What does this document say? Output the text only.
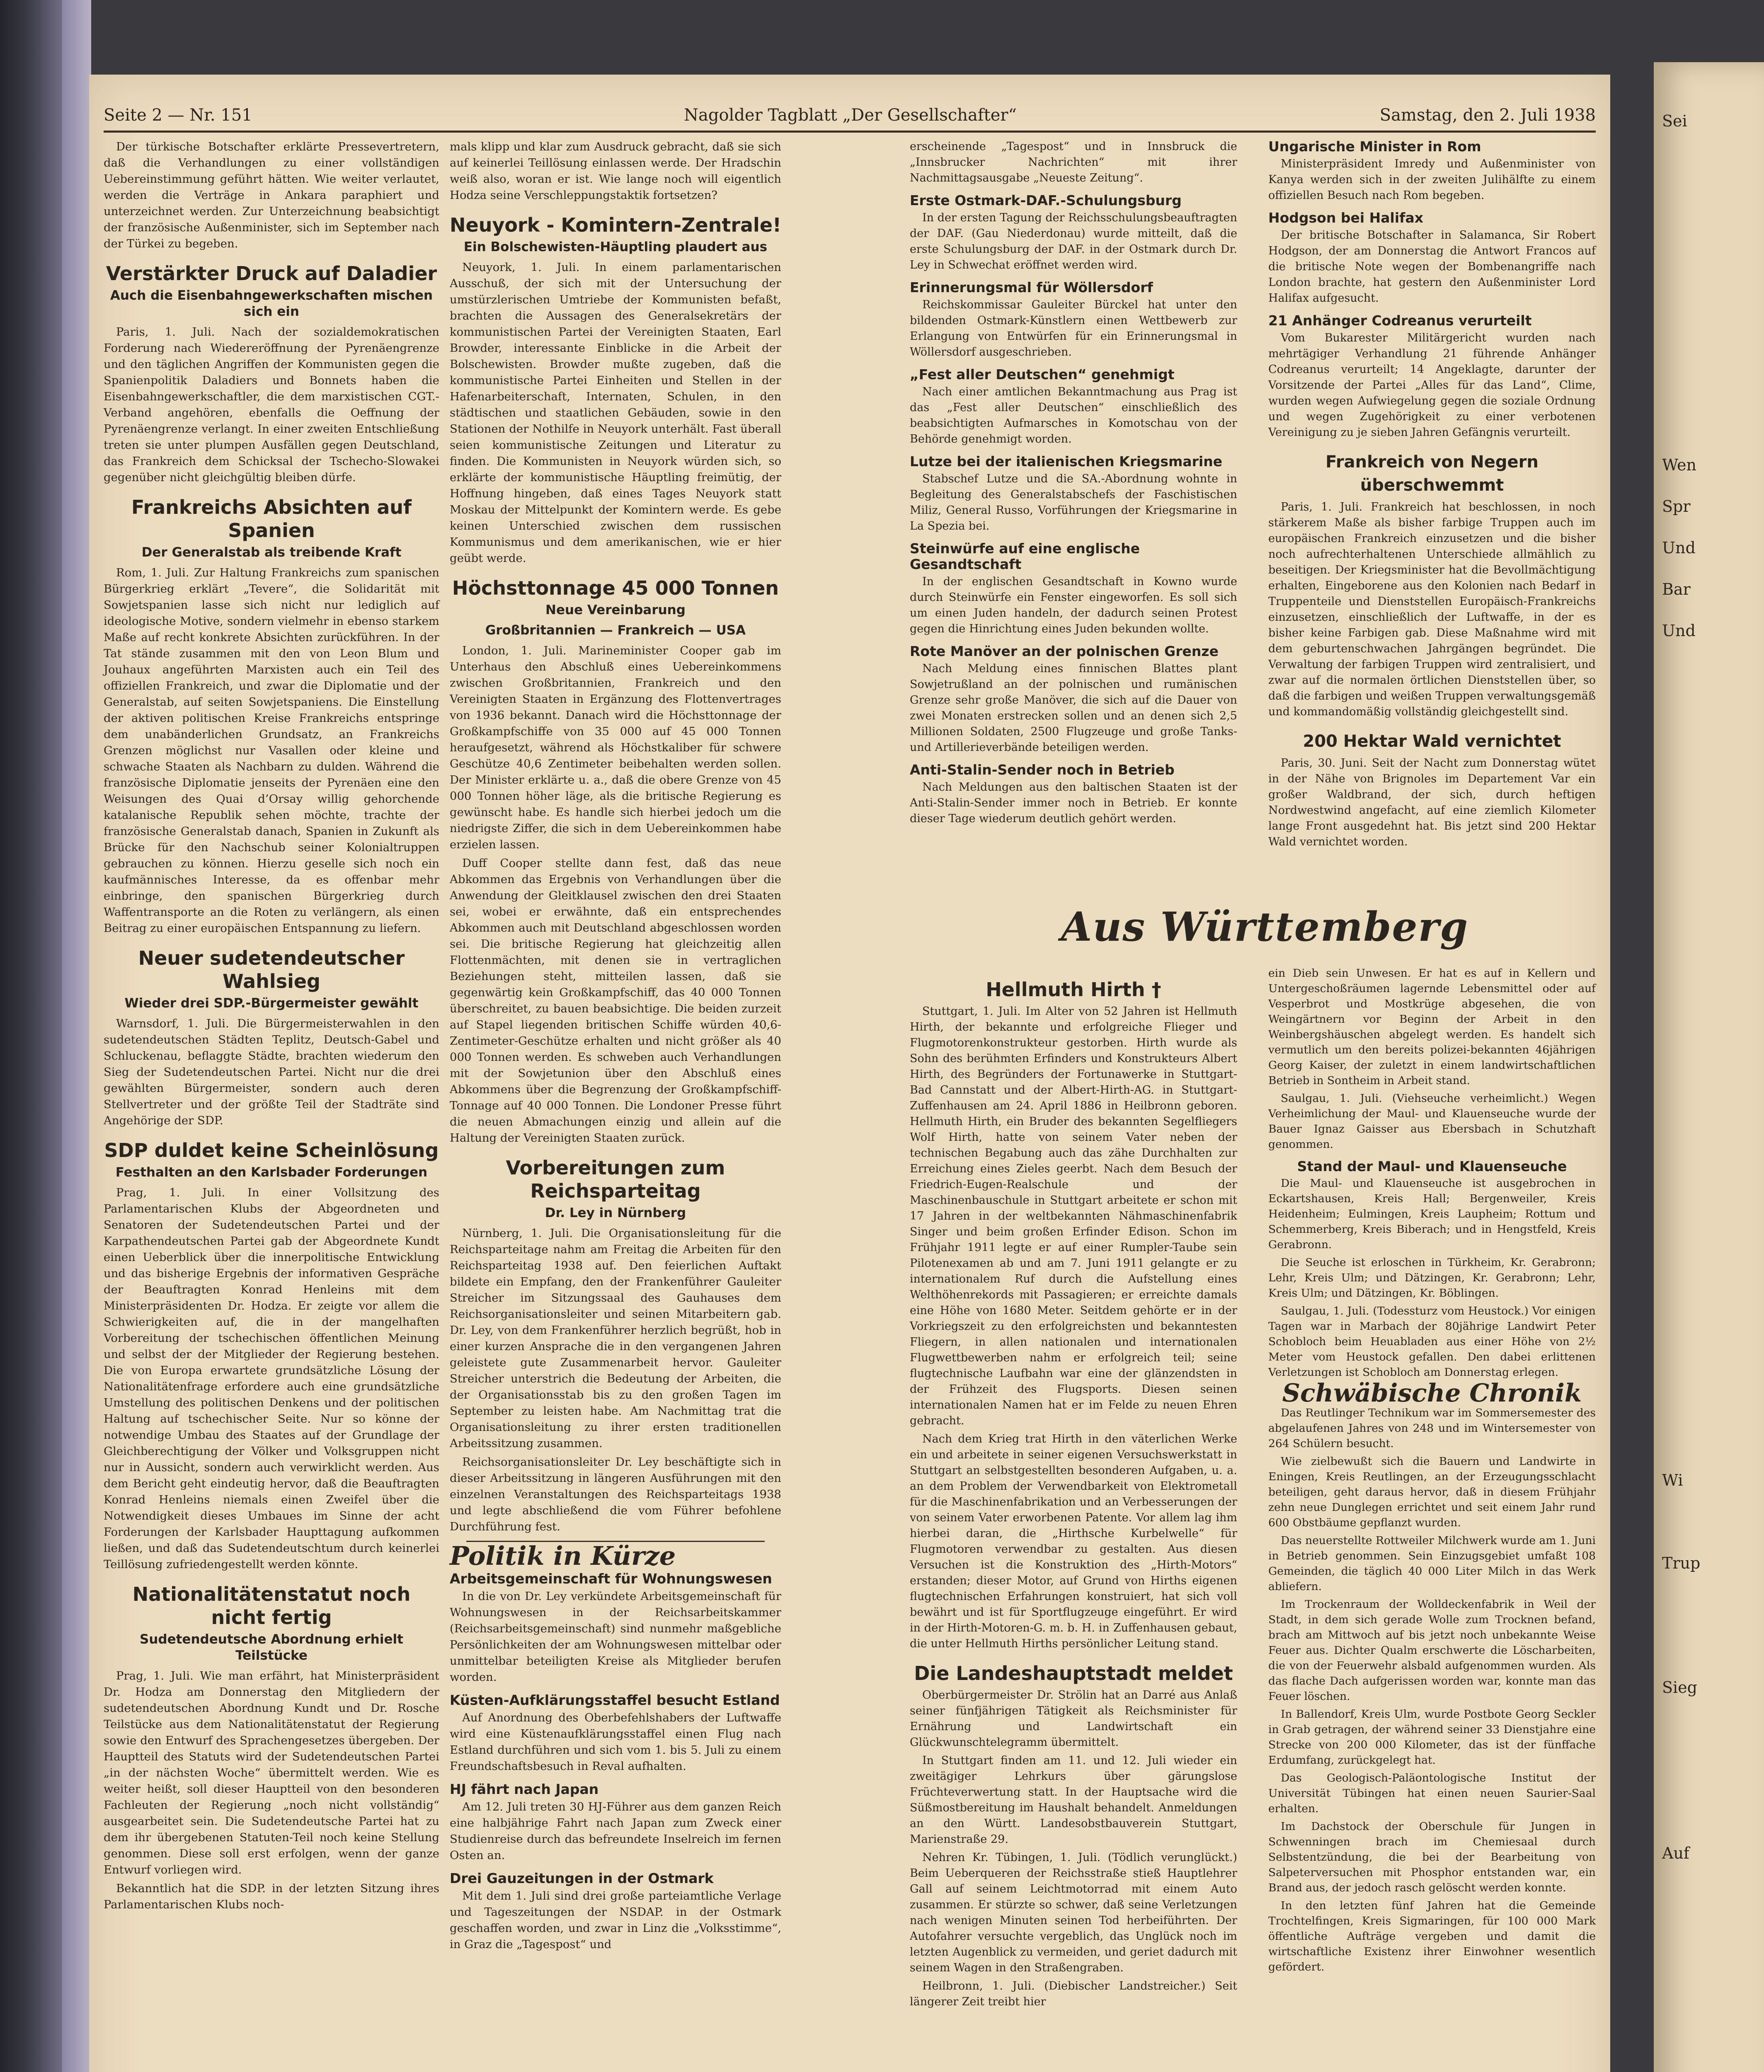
Sei
Wen
Spr
Und
Bar
Und
Wi
Trup
Sieg
Auf
Seite 2 — Nr. 151	Nagolder Tagblatt „Der Gesellschafter“	Samstag, den 2. Juli 1938

Der türkische Botschafter erklärte Pressevertretern, daß die Verhandlungen zu einer vollständigen Uebereinstimmung geführt hätten. Wie weiter verlautet, werden die Verträge in Ankara paraphiert und unterzeichnet werden. Zur Unterzeichnung beabsichtigt der französische Außenminister, sich im September nach der Türkei zu begeben.

Verstärkter Druck auf Daladier
Auch die Eisenbahngewerkschaften mischen sich ein

Paris, 1. Juli. Nach der sozialdemokratischen Forderung nach Wiedereröffnung der Pyrenäengrenze und den täglichen Angriffen der Kommunisten gegen die Spanienpolitik Daladiers und Bonnets haben die Eisenbahngewerkschaftler, die dem marxistischen CGT.-Verband angehören, ebenfalls die Oeffnung der Pyrenäengrenze verlangt. In einer zweiten Entschließung treten sie unter plumpen Ausfällen gegen Deutschland, das Frankreich dem Schicksal der Tschecho-Slowakei gegenüber nicht gleichgültig bleiben dürfe.

Frankreichs Absichten auf Spanien
Der Generalstab als treibende Kraft

Rom, 1. Juli. Zur Haltung Frankreichs zum spanischen Bürgerkrieg erklärt „Tevere“, die Solidarität mit Sowjetspanien lasse sich nicht nur lediglich auf ideologische Motive, sondern vielmehr in ebenso starkem Maße auf recht konkrete Absichten zurückführen. In der Tat stände zusammen mit den von Leon Blum und Jouhaux angeführten Marxisten auch ein Teil des offiziellen Frankreich, und zwar die Diplomatie und der Generalstab, auf seiten Sowjetspaniens. Die Einstellung der aktiven politischen Kreise Frankreichs entspringe dem unabänderlichen Grundsatz, an Frankreichs Grenzen möglichst nur Vasallen oder kleine und schwache Staaten als Nachbarn zu dulden. Während die französische Diplomatie jenseits der Pyrenäen eine den Weisungen des Quai d’Orsay willig gehorchende katalanische Republik sehen möchte, trachte der französische Generalstab danach, Spanien in Zukunft als Brücke für den Nachschub seiner Kolonialtruppen gebrauchen zu können. Hierzu geselle sich noch ein kaufmännisches Interesse, da es offenbar mehr einbringe, den spanischen Bürgerkrieg durch Waffentransporte an die Roten zu verlängern, als einen Beitrag zu einer europäischen Entspannung zu liefern.

Neuer sudetendeutscher Wahlsieg
Wieder drei SDP.-Bürgermeister gewählt

Warnsdorf, 1. Juli. Die Bürgermeisterwahlen in den sudetendeutschen Städten Teplitz, Deutsch-Gabel und Schluckenau, beflaggte Städte, brachten wiederum den Sieg der Sudetendeutschen Partei. Nicht nur die drei gewählten Bürgermeister, sondern auch deren Stellvertreter und der größte Teil der Stadträte sind Angehörige der SDP.

SDP duldet keine Scheinlösung
Festhalten an den Karlsbader Forderungen

Prag, 1. Juli. In einer Vollsitzung des Parlamentarischen Klubs der Abgeordneten und Senatoren der Sudetendeutschen Partei und der Karpathendeutschen Partei gab der Abgeordnete Kundt einen Ueberblick über die innerpolitische Entwicklung und das bisherige Ergebnis der informativen Gespräche der Beauftragten Konrad Henleins mit dem Ministerpräsidenten Dr. Hodza. Er zeigte vor allem die Schwierigkeiten auf, die in der mangelhaften Vorbereitung der tschechischen öffentlichen Meinung und selbst der der Mitglieder der Regierung bestehen. Die von Europa erwartete grundsätzliche Lösung der Nationalitätenfrage erfordere auch eine grundsätzliche Umstellung des politischen Denkens und der politischen Haltung auf tschechischer Seite. Nur so könne der notwendige Umbau des Staates auf der Grundlage der Gleichberechtigung der Völker und Volksgruppen nicht nur in Aussicht, sondern auch verwirklicht werden. Aus dem Bericht geht eindeutig hervor, daß die Beauftragten Konrad Henleins niemals einen Zweifel über die Notwendigkeit dieses Umbaues im Sinne der acht Forderungen der Karlsbader Haupttagung aufkommen ließen, und daß das Sudetendeutschtum durch keinerlei Teillösung zufriedengestellt werden könnte.

Nationalitätenstatut noch nicht fertig
Sudetendeutsche Abordnung erhielt Teilstücke

Prag, 1. Juli. Wie man erfährt, hat Ministerpräsident Dr. Hodza am Donnerstag den Mitgliedern der sudetendeutschen Abordnung Kundt und Dr. Rosche Teilstücke aus dem Nationalitätenstatut der Regierung sowie den Entwurf des Sprachengesetzes übergeben. Der Hauptteil des Statuts wird der Sudetendeutschen Partei „in der nächsten Woche“ übermittelt werden. Wie es weiter heißt, soll dieser Hauptteil von den besonderen Fachleuten der Regierung „noch nicht vollständig“ ausgearbeitet sein. Die Sudetendeutsche Partei hat zu dem ihr übergebenen Statuten-Teil noch keine Stellung genommen. Diese soll erst erfolgen, wenn der ganze Entwurf vorliegen wird.

Bekanntlich hat die SDP. in der letzten Sitzung ihres Parlamentarischen Klubs noch-

mals klipp und klar zum Ausdruck gebracht, daß sie sich auf keinerlei Teillösung einlassen werde. Der Hradschin weiß also, woran er ist. Wie lange noch will eigentlich Hodza seine Verschleppungstaktik fortsetzen?

Neuyork - Komintern-Zentrale!
Ein Bolschewisten-Häuptling plaudert aus

Neuyork, 1. Juli. In einem parlamentarischen Ausschuß, der sich mit der Untersuchung der umstürzlerischen Umtriebe der Kommunisten befaßt, brachten die Aussagen des Generalsekretärs der kommunistischen Partei der Vereinigten Staaten, Earl Browder, interessante Einblicke in die Arbeit der Bolschewisten. Browder mußte zugeben, daß die kommunistische Partei Einheiten und Stellen in der Hafenarbeiterschaft, Internaten, Schulen, in den städtischen und staatlichen Gebäuden, sowie in den Stationen der Nothilfe in Neuyork unterhält. Fast überall seien kommunistische Zeitungen und Literatur zu finden. Die Kommunisten in Neuyork würden sich, so erklärte der kommunistische Häuptling freimütig, der Hoffnung hingeben, daß eines Tages Neuyork statt Moskau der Mittelpunkt der Komintern werde. Es gebe keinen Unterschied zwischen dem russischen Kommunismus und dem amerikanischen, wie er hier geübt werde.

Höchsttonnage 45 000 Tonnen
Neue Vereinbarung
Großbritannien — Frankreich — USA

London, 1. Juli. Marineminister Cooper gab im Unterhaus den Abschluß eines Uebereinkommens zwischen Großbritannien, Frankreich und den Vereinigten Staaten in Ergänzung des Flottenvertrages von 1936 bekannt. Danach wird die Höchsttonnage der Großkampfschiffe von 35 000 auf 45 000 Tonnen heraufgesetzt, während als Höchstkaliber für schwere Geschütze 40,6 Zentimeter beibehalten werden sollen. Der Minister erklärte u. a., daß die obere Grenze von 45 000 Tonnen höher läge, als die britische Regierung es gewünscht habe. Es handle sich hierbei jedoch um die niedrigste Ziffer, die sich in dem Uebereinkommen habe erzielen lassen.

Duff Cooper stellte dann fest, daß das neue Abkommen das Ergebnis von Verhandlungen über die Anwendung der Gleitklausel zwischen den drei Staaten sei, wobei er erwähnte, daß ein entsprechendes Abkommen auch mit Deutschland abgeschlossen worden sei. Die britische Regierung hat gleichzeitig allen Flottenmächten, mit denen sie in vertraglichen Beziehungen steht, mitteilen lassen, daß sie gegenwärtig kein Großkampfschiff, das 40 000 Tonnen überschreitet, zu bauen beabsichtige. Die beiden zurzeit auf Stapel liegenden britischen Schiffe würden 40,6-Zentimeter-Geschütze erhalten und nicht größer als 40 000 Tonnen werden. Es schweben auch Verhandlungen mit der Sowjetunion über den Abschluß eines Abkommens über die Begrenzung der Großkampfschiff-Tonnage auf 40 000 Tonnen. Die Londoner Presse führt die neuen Abmachungen einzig und allein auf die Haltung der Vereinigten Staaten zurück.

Vorbereitungen zum Reichsparteitag
Dr. Ley in Nürnberg

Nürnberg, 1. Juli. Die Organisationsleitung für die Reichsparteitage nahm am Freitag die Arbeiten für den Reichsparteitag 1938 auf. Den feierlichen Auftakt bildete ein Empfang, den der Frankenführer Gauleiter Streicher im Sitzungssaal des Gauhauses dem Reichsorganisationsleiter und seinen Mitarbeitern gab. Dr. Ley, von dem Frankenführer herzlich begrüßt, hob in einer kurzen Ansprache die in den vergangenen Jahren geleistete gute Zusammenarbeit hervor. Gauleiter Streicher unterstrich die Bedeutung der Arbeiten, die der Organisationsstab bis zu den großen Tagen im September zu leisten habe. Am Nachmittag trat die Organisationsleitung zu ihrer ersten traditionellen Arbeitssitzung zusammen.

Reichsorganisationsleiter Dr. Ley beschäftigte sich in dieser Arbeitssitzung in längeren Ausführungen mit den einzelnen Veranstaltungen des Reichsparteitags 1938 und legte abschließend die vom Führer befohlene Durchführung fest.

Politik in Kürze
Arbeitsgemeinschaft für Wohnungswesen

In die von Dr. Ley verkündete Arbeitsgemeinschaft für Wohnungswesen in der Reichsarbeitskammer (Reichsarbeitsgemeinschaft) sind nunmehr maßgebliche Persönlichkeiten der am Wohnungswesen mittelbar oder unmittelbar beteiligten Kreise als Mitglieder berufen worden.

Küsten-Aufklärungsstaffel besucht Estland

Auf Anordnung des Oberbefehlshabers der Luftwaffe wird eine Küstenaufklärungsstaffel einen Flug nach Estland durchführen und sich vom 1. bis 5. Juli zu einem Freundschaftsbesuch in Reval aufhalten.

HJ fährt nach Japan

Am 12. Juli treten 30 HJ-Führer aus dem ganzen Reich eine halbjährige Fahrt nach Japan zum Zweck einer Studienreise durch das befreundete Inselreich im fernen Osten an.

Drei Gauzeitungen in der Ostmark

Mit dem 1. Juli sind drei große parteiamtliche Verlage und Tageszeitungen der NSDAP. in der Ostmark geschaffen worden, und zwar in Linz die „Volksstimme“, in Graz die „Tagespost“ und

erscheinende „Tagespost“ und in Innsbruck die „Innsbrucker Nachrichten“ mit ihrer Nachmittagsausgabe „Neueste Zeitung“.

Erste Ostmark-DAF.-Schulungsburg

In der ersten Tagung der Reichsschulungsbeauftragten der DAF. (Gau Niederdonau) wurde mitteilt, daß die erste Schulungsburg der DAF. in der Ostmark durch Dr. Ley in Schwechat eröffnet werden wird.

Erinnerungsmal für Wöllersdorf

Reichskommissar Gauleiter Bürckel hat unter den bildenden Ostmark-Künstlern einen Wettbewerb zur Erlangung von Entwürfen für ein Erinnerungsmal in Wöllersdorf ausgeschrieben.

„Fest aller Deutschen“ genehmigt

Nach einer amtlichen Bekanntmachung aus Prag ist das „Fest aller Deutschen“ einschließlich des beabsichtigten Aufmarsches in Komotschau von der Behörde genehmigt worden.

Lutze bei der italienischen Kriegsmarine

Stabschef Lutze und die SA.-Abordnung wohnte in Begleitung des Generalstabschefs der Faschistischen Miliz, General Russo, Vorführungen der Kriegsmarine in La Spezia bei.

Steinwürfe auf eine englische Gesandtschaft

In der englischen Gesandtschaft in Kowno wurde durch Steinwürfe ein Fenster eingeworfen. Es soll sich um einen Juden handeln, der dadurch seinen Protest gegen die Hinrichtung eines Juden bekunden wollte.

Rote Manöver an der polnischen Grenze

Nach Meldung eines finnischen Blattes plant Sowjetrußland an der polnischen und rumänischen Grenze sehr große Manöver, die sich auf die Dauer von zwei Monaten erstrecken sollen und an denen sich 2,5 Millionen Soldaten, 2500 Flugzeuge und große Tanks- und Artillerieverbände beteiligen werden.

Anti-Stalin-Sender noch in Betrieb

Nach Meldungen aus den baltischen Staaten ist der Anti-Stalin-Sender immer noch in Betrieb. Er konnte dieser Tage wiederum deutlich gehört werden.

Ungarische Minister in Rom

Ministerpräsident Imredy und Außenminister von Kanya werden sich in der zweiten Julihälfte zu einem offiziellen Besuch nach Rom begeben.

Hodgson bei Halifax

Der britische Botschafter in Salamanca, Sir Robert Hodgson, der am Donnerstag die Antwort Francos auf die britische Note wegen der Bombenangriffe nach London brachte, hat gestern den Außenminister Lord Halifax aufgesucht.

21 Anhänger Codreanus verurteilt

Vom Bukarester Militärgericht wurden nach mehrtägiger Verhandlung 21 führende Anhänger Codreanus verurteilt; 14 Angeklagte, darunter der Vorsitzende der Partei „Alles für das Land“, Clime, wurden wegen Aufwiegelung gegen die soziale Ordnung und wegen Zugehörigkeit zu einer verbotenen Vereinigung zu je sieben Jahren Gefängnis verurteilt.

Frankreich von Negern überschwemmt

Paris, 1. Juli. Frankreich hat beschlossen, in noch stärkerem Maße als bisher farbige Truppen auch im europäischen Frankreich einzusetzen und die bisher noch aufrechterhaltenen Unterschiede allmählich zu beseitigen. Der Kriegsminister hat die Bevollmächtigung erhalten, Eingeborene aus den Kolonien nach Bedarf in Truppenteile und Dienststellen Europäisch-Frankreichs einzusetzen, einschließlich der Luftwaffe, in der es bisher keine Farbigen gab. Diese Maßnahme wird mit dem geburtenschwachen Jahrgängen begründet. Die Verwaltung der farbigen Truppen wird zentralisiert, und zwar auf die normalen örtlichen Dienststellen über, so daß die farbigen und weißen Truppen verwaltungsgemäß und kommandomäßig vollständig gleichgestellt sind.

200 Hektar Wald vernichtet

Paris, 30. Juni. Seit der Nacht zum Donnerstag wütet in der Nähe von Brignoles im Departement Var ein großer Waldbrand, der sich, durch heftigen Nordwestwind angefacht, auf eine ziemlich Kilometer lange Front ausgedehnt hat. Bis jetzt sind 200 Hektar Wald vernichtet worden.

Aus Württemberg
Hellmuth Hirth †

Stuttgart, 1. Juli. Im Alter von 52 Jahren ist Hellmuth Hirth, der bekannte und erfolgreiche Flieger und Flugmotorenkonstrukteur gestorben. Hirth wurde als Sohn des berühmten Erfinders und Konstrukteurs Albert Hirth, des Begründers der Fortunawerke in Stuttgart-Bad Cannstatt und der Albert-Hirth-AG. in Stuttgart-Zuffenhausen am 24. April 1886 in Heilbronn geboren. Hellmuth Hirth, ein Bruder des bekannten Segelfliegers Wolf Hirth, hatte von seinem Vater neben der technischen Begabung auch das zähe Durchhalten zur Erreichung eines Zieles geerbt. Nach dem Besuch der Friedrich-Eugen-Realschule und der Maschinenbauschule in Stuttgart arbeitete er schon mit 17 Jahren in der weltbekannten Nähmaschinenfabrik Singer und beim großen Erfinder Edison. Schon im Frühjahr 1911 legte er auf einer Rumpler-Taube sein Pilotenexamen ab und am 7. Juni 1911 gelangte er zu internationalem Ruf durch die Aufstellung eines Welthöhenrekords mit Passagieren; er erreichte damals eine Höhe von 1680 Meter. Seitdem gehörte er in der Vorkriegszeit zu den erfolgreichsten und bekanntesten Fliegern, in allen nationalen und internationalen Flugwettbewerben nahm er erfolgreich teil; seine flugtechnische Laufbahn war eine der glänzendsten in der Frühzeit des Flugsports. Diesen seinen internationalen Namen hat er im Felde zu neuen Ehren gebracht.

Nach dem Krieg trat Hirth in den väterlichen Werke ein und arbeitete in seiner eigenen Versuchswerkstatt in Stuttgart an selbstgestellten besonderen Aufgaben, u. a. an dem Problem der Verwendbarkeit von Elektrometall für die Maschinenfabrikation und an Verbesserungen der von seinem Vater erworbenen Patente. Vor allem lag ihm hierbei daran, die „Hirthsche Kurbelwelle“ für Flugmotoren verwendbar zu gestalten. Aus diesen Versuchen ist die Konstruktion des „Hirth-Motors“ erstanden; dieser Motor, auf Grund von Hirths eigenen flugtechnischen Erfahrungen konstruiert, hat sich voll bewährt und ist für Sportflugzeuge eingeführt. Er wird in der Hirth-Motoren-G. m. b. H. in Zuffenhausen gebaut, die unter Hellmuth Hirths persönlicher Leitung stand.

Die Landeshauptstadt meldet

Oberbürgermeister Dr. Strölin hat an Darré aus Anlaß seiner fünfjährigen Tätigkeit als Reichsminister für Ernährung und Landwirtschaft ein Glückwunschtelegramm übermittelt.

In Stuttgart finden am 11. und 12. Juli wieder ein zweitägiger Lehrkurs über gärungslose Früchteverwertung statt. In der Hauptsache wird die Süßmostbereitung im Haushalt behandelt. Anmeldungen an den Württ. Landesobstbauverein Stuttgart, Marienstraße 29.

Nehren Kr. Tübingen, 1. Juli. (Tödlich verunglückt.) Beim Ueberqueren der Reichsstraße stieß Hauptlehrer Gall auf seinem Leichtmotorrad mit einem Auto zusammen. Er stürzte so schwer, daß seine Verletzungen nach wenigen Minuten seinen Tod herbeiführten. Der Autofahrer versuchte vergeblich, das Unglück noch im letzten Augenblick zu vermeiden, und geriet dadurch mit seinem Wagen in den Straßengraben.

Heilbronn, 1. Juli. (Diebischer Landstreicher.) Seit längerer Zeit treibt hier

ein Dieb sein Unwesen. Er hat es auf in Kellern und Untergeschoßräumen lagernde Lebensmittel oder auf Vesperbrot und Mostkrüge abgesehen, die von Weingärtnern vor Beginn der Arbeit in den Weinbergshäuschen abgelegt werden. Es handelt sich vermutlich um den bereits polizei-bekannten 46jährigen Georg Kaiser, der zuletzt in einem landwirtschaftlichen Betrieb in Sontheim in Arbeit stand.

Saulgau, 1. Juli. (Viehseuche verheimlicht.) Wegen Verheimlichung der Maul- und Klauenseuche wurde der Bauer Ignaz Gaisser aus Ebersbach in Schutzhaft genommen.

Stand der Maul- und Klauenseuche

Die Maul- und Klauenseuche ist ausgebrochen in Eckartshausen, Kreis Hall; Bergenweiler, Kreis Heidenheim; Eulmingen, Kreis Laupheim; Rottum und Schemmerberg, Kreis Biberach; und in Hengstfeld, Kreis Gerabronn.

Die Seuche ist erloschen in Türkheim, Kr. Gerabronn; Lehr, Kreis Ulm; und Dätzingen, Kr. Gerabronn; Lehr, Kreis Ulm; und Dätzingen, Kr. Böblingen.

Saulgau, 1. Juli. (Todessturz vom Heustock.) Vor einigen Tagen war in Marbach der 80jährige Landwirt Peter Schobloch beim Heuabladen aus einer Höhe von 2½ Meter vom Heustock gefallen. Den dabei erlittenen Verletzungen ist Schobloch am Donnerstag erlegen.

Schwäbische Chronik

Das Reutlinger Technikum war im Sommersemester des abgelaufenen Jahres von 248 und im Wintersemester von 264 Schülern besucht.

Wie zielbewußt sich die Bauern und Landwirte in Eningen, Kreis Reutlingen, an der Erzeugungsschlacht beteiligen, geht daraus hervor, daß in diesem Frühjahr zehn neue Dunglegen errichtet und seit einem Jahr rund 600 Obstbäume gepflanzt wurden.

Das neuerstellte Rottweiler Milchwerk wurde am 1. Juni in Betrieb genommen. Sein Einzugsgebiet umfaßt 108 Gemeinden, die täglich 40 000 Liter Milch in das Werk abliefern.

Im Trockenraum der Wolldeckenfabrik in Weil der Stadt, in dem sich gerade Wolle zum Trocknen befand, brach am Mittwoch auf bis jetzt noch unbekannte Weise Feuer aus. Dichter Qualm erschwerte die Löscharbeiten, die von der Feuerwehr alsbald aufgenommen wurden. Als das flache Dach aufgerissen worden war, konnte man das Feuer löschen.

In Ballendorf, Kreis Ulm, wurde Postbote Georg Seckler in Grab getragen, der während seiner 33 Dienstjahre eine Strecke von 200 000 Kilometer, das ist der fünffache Erdumfang, zurückgelegt hat.

Das Geologisch-Paläontologische Institut der Universität Tübingen hat einen neuen Saurier-Saal erhalten.

Im Dachstock der Oberschule für Jungen in Schwenningen brach im Chemiesaal durch Selbstentzündung, die bei der Bearbeitung von Salpeterversuchen mit Phosphor entstanden war, ein Brand aus, der jedoch rasch gelöscht werden konnte.

In den letzten fünf Jahren hat die Gemeinde Trochtelfingen, Kreis Sigmaringen, für 100 000 Mark öffentliche Aufträge vergeben und damit die wirtschaftliche Existenz ihrer Einwohner wesentlich gefördert.
